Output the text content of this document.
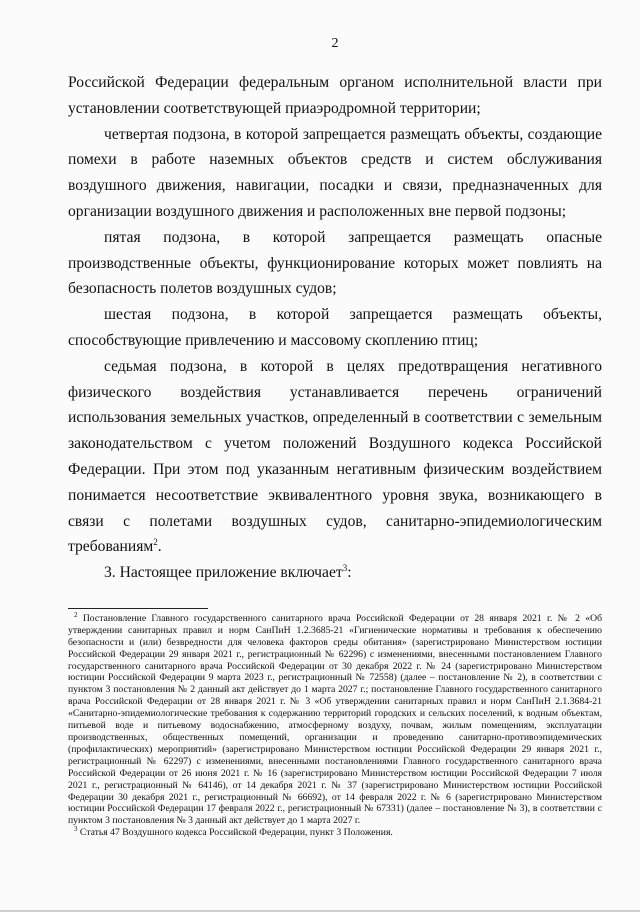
2

Российской Федерации федеральным органом исполнительной власти при установлении соответствующей приаэродромной территории;

четвертая подзона, в которой запрещается размещать объекты, создающие помехи в работе наземных объектов средств и систем обслуживания воздушного движения, навигации, посадки и связи, предназначенных для организации воздушного движения и расположенных вне первой подзоны;

пятая подзона, в которой запрещается размещать опасные производственные объекты, функционирование которых может повлиять на безопасность полетов воздушных судов;

шестая подзона, в которой запрещается размещать объекты, способствующие привлечению и массовому скоплению птиц;

седьмая подзона, в которой в целях предотвращения негативного физического воздействия устанавливается перечень ограничений использования земельных участков, определенный в соответствии с земельным законодательством с учетом положений Воздушного кодекса Российской Федерации. При этом под указанным негативным физическим воздействием понимается несоответствие эквивалентного уровня звука, возникающего в связи с полетами воздушных судов, санитарно-эпидемиологическим требованиям$^2$.

3. Настоящее приложение включает$^3$:

$^2$ Постановление Главного государственного санитарного врача Российской Федерации от 28 января 2021 г. № 2 «Об утверждении санитарных правил и норм СанПиН 1.2.3685-21 «Гигиенические нормативы и требования к обеспечению безопасности и (или) безвредности для человека факторов среды обитания» (зарегистрировано Министерством юстиции Российской Федерации 29 января 2021 г., регистрационный № 62296) с изменениями, внесенными постановлением Главного государственного санитарного врача Российской Федерации от 30 декабря 2022 г. № 24 (зарегистрировано Министерством юстиции Российской Федерации 9 марта 2023 г., регистрационный № 72558) (далее – постановление № 2), в соответствии с пунктом 3 постановления № 2 данный акт действует до 1 марта 2027 г.; постановление Главного государственного санитарного врача Российской Федерации от 28 января 2021 г. № 3 «Об утверждении санитарных правил и норм СанПиН 2.1.3684-21 «Санитарно-эпидемиологические требования к содержанию территорий городских и сельских поселений, к водным объектам, питьевой воде и питьевому водоснабжению, атмосферному воздуху, почвам, жилым помещениям, эксплуатации производственных, общественных помещений, организации и проведению санитарно-противоэпидемических (профилактических) мероприятий» (зарегистрировано Министерством юстиции Российской Федерации 29 января 2021 г., регистрационный № 62297) с изменениями, внесенными постановлениями Главного государственного санитарного врача Российской Федерации от 26 июня 2021 г. № 16 (зарегистрировано Министерством юстиции Российской Федерации 7 июля 2021 г., регистрационный № 64146), от 14 декабря 2021 г. № 37 (зарегистрировано Министерством юстиции Российской Федерации 30 декабря 2021 г., регистрационный № 66692), от 14 февраля 2022 г. № 6 (зарегистрировано Министерством юстиции Российской Федерации 17 февраля 2022 г., регистрационный № 67331) (далее – постановление № 3), в соответствии с пунктом 3 постановления № 3 данный акт действует до 1 марта 2027 г.

$^3$ Статья 47 Воздушного кодекса Российской Федерации, пункт 3 Положения.
